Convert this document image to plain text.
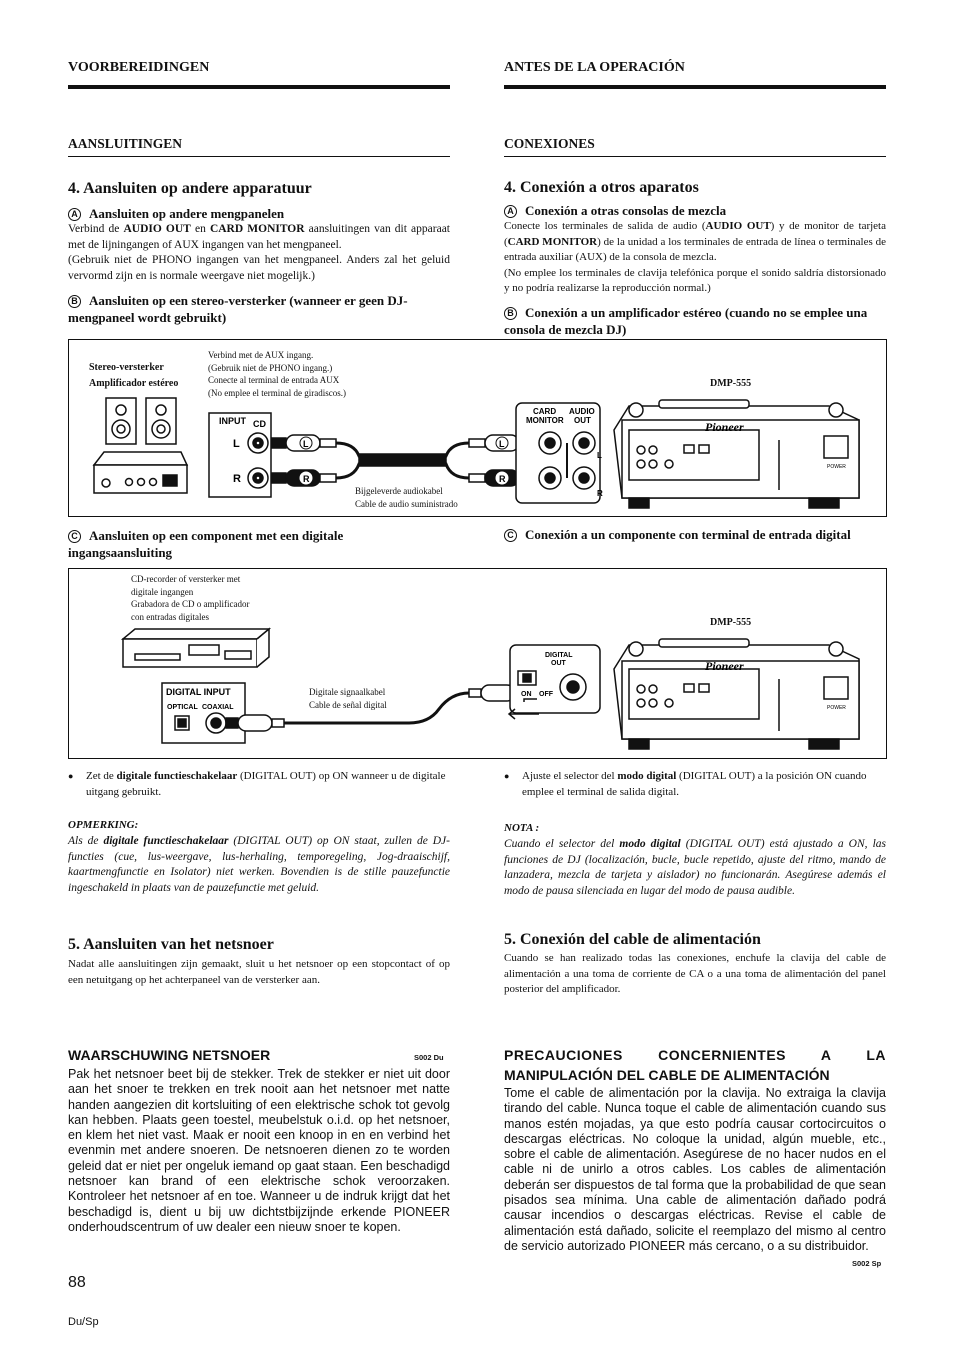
VOORBEREIDINGEN	ANTES DE LA OPERACIÓN
AANSLUITINGEN	CONEXIONES
4. Aansluiten op andere apparatuur
A Aansluiten op andere mengpanelen
Verbind de AUDIO OUT en CARD MONITOR aansluitingen van dit apparaat met de lijningangen of AUX ingangen van het mengpaneel.
(Gebruik niet de PHONO ingangen van het mengpaneel. Anders zal het geluid vervormd zijn en is normale weergave niet mogelijk.)
B Aansluiten op een stereo-versterker (wanneer er geen DJ-mengpaneel wordt gebruikt)
4. Conexión a otros aparatos
A Conexión a otras consolas de mezcla
Conecte los terminales de salida de audio (AUDIO OUT) y de monitor de tarjeta (CARD MONITOR) de la unidad a los terminales de entrada de línea o terminales de entrada auxiliar (AUX) de la consola de mezcla.
(No emplee los terminales de clavija telefónica porque el sonido saldría distorsionado y no podría realizarse la reproducción normal.)
B Conexión a un amplificador estéreo (cuando no se emplee una consola de mezcla DJ)
Stereo-versterker
Amplificador estéreo
Verbind met de AUX ingang.
(Gebruik niet de PHONO ingang.)
Conecte al terminal de entrada AUX
(No emplee el terminal de giradiscos.)
DMP-555
INPUT CD
L
R
L
R
L
R
CARD
MONITOR
AUDIO
OUT
L
R
Pioneer
POWER
Bijgeleverde audiokabel
Cable de audio suministrado
C Aansluiten op een component met een digitale ingangsaansluiting
C Conexión a un componente con terminal de entrada digital
CD-recorder of versterker met
digitale ingangen
Grabadora de CD o amplificador
con entradas digitales
DMP-555
Digitale signaalkabel
Cable de señal digital
DIGITAL INPUT
OPTICAL COAXIAL
DIGITAL
OUT
ON OFF
Pioneer
POWER
● Zet de digitale functieschakelaar (DIGITAL OUT) op ON wanneer u de digitale uitgang gebruikt.
● Ajuste el selector del modo digital (DIGITAL OUT) a la posición ON cuando emplee el terminal de salida digital.
OPMERKING:
Als de digitale functieschakelaar (DIGITAL OUT) op ON staat, zullen de DJ-functies (cue, lus-weergave, lus-herhaling, temporegeling, Jog-draaischijf, kaartmengfunctie en Isolator) niet werken. Bovendien is de stille pauzefunctie ingeschakeld in plaats van de pauzefunctie met geluid.
NOTA :
Cuando el selector del modo digital (DIGITAL OUT) está ajustado a ON, las funciones de DJ (localización, bucle, bucle repetido, ajuste del ritmo, mando de lanzadera, mezcla de tarjeta y aislador) no funcionarán. Asegúrese además el modo de pausa silenciada en lugar del modo de pausa audible.
5. Aansluiten van het netsnoer
Nadat alle aansluitingen zijn gemaakt, sluit u het netsnoer op een stopcontact of op een netuitgang op het achterpaneel van de versterker aan.
5. Conexión del cable de alimentación
Cuando se han realizado todas las conexiones, enchufe la clavija del cable de alimentación a una toma de corriente de CA o a una toma de alimentación del panel posterior del amplificador.
WAARSCHUWING NETSNOER	S002 Du
Pak het netsnoer beet bij de stekker. Trek de stekker er niet uit door aan het snoer te trekken en trek nooit aan het netsnoer met natte handen aangezien dit kortsluiting of een elektrische schok tot gevolg kan hebben. Plaats geen toestel, meubelstuk o.i.d. op het netsnoer, en klem het niet vast. Maak er nooit een knoop in en en verbind het evenmin met andere snoeren. De netsnoeren dienen zo te worden geleid dat er niet per ongeluk iemand op gaat staan. Een beschadigd netsnoer kan brand of een elektrische schok veroorzaken. Kontroleer het netsnoer af en toe. Wanneer u de indruk krijgt dat het beschadigd is, dient u bij uw dichtstbijzijnde erkende PIONEER onderhoudscentrum of uw dealer een nieuw snoer te kopen.
PRECAUCIONES CONCERNIENTES A LA
MANIPULACIÓN DEL CABLE DE ALIMENTACIÓN
Tome el cable de alimentación por la clavija. No extraiga la clavija tirando del cable. Nunca toque el cable de alimentación cuando sus manos estén mojadas, ya que esto podría causar cortocircuitos o descargas eléctricas. No coloque la unidad, algún mueble, etc., sobre el cable de alimentación. Asegúrese de no hacer nudos en el cable ni de unirlo a otros cables. Los cables de alimentación deberán ser dispuestos de tal forma que la probabilidad de que sean pisados sea mínima. Una cable de alimentación dañado podrá causar incendios o descargas eléctricas. Revise el cable de alimentación está dañado, solicite el reemplazo del mismo al centro de servicio autorizado PIONEER más cercano, o a su distribuidor.
S002 Sp
88
Du/Sp
